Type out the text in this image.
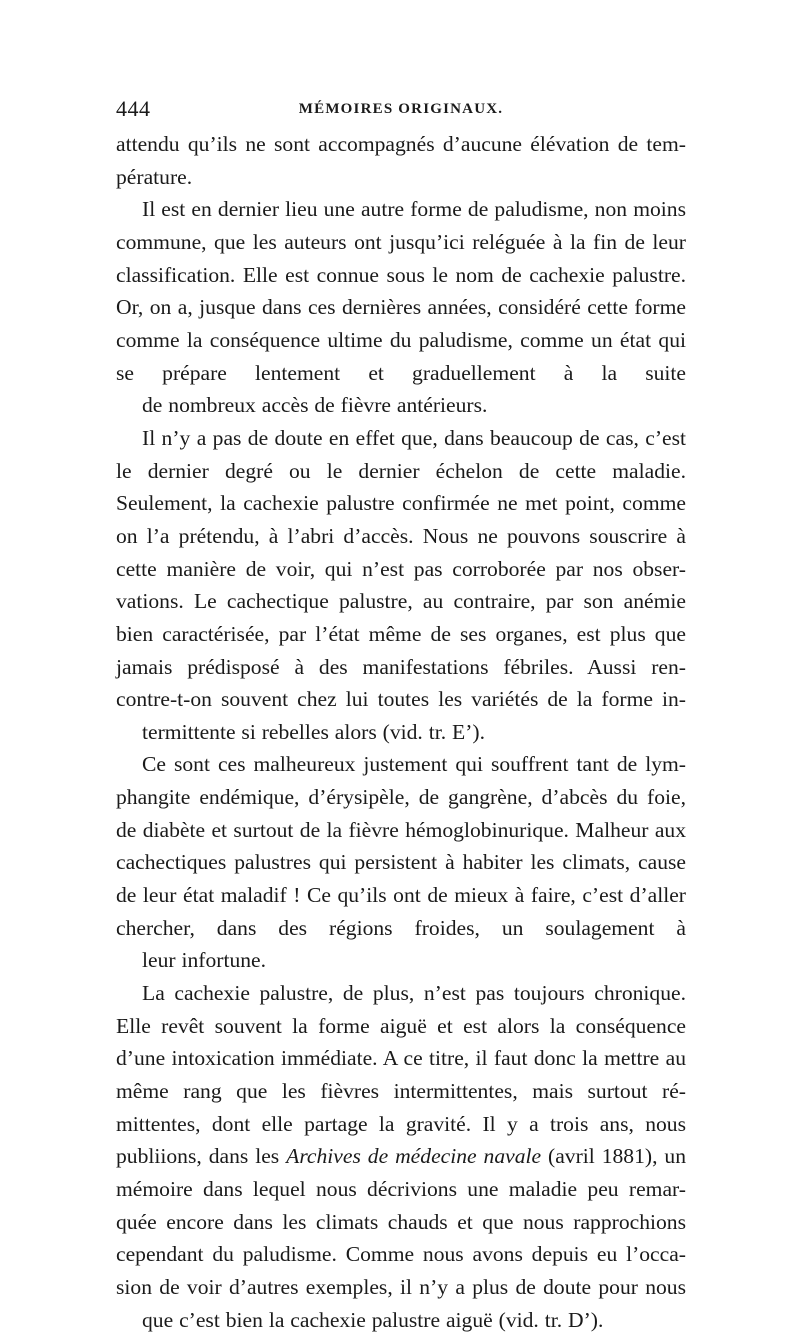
444	MÉMOIRES ORIGINAUX.

attendu qu’ils ne sont accompagnés d’aucune élévation de tem-
pérature.

Il est en dernier lieu une autre forme de paludisme, non moins commune, que les auteurs ont jusqu’ici reléguée à la fin de leur classification. Elle est connue sous le nom de cachexie palustre. Or, on a, jusque dans ces dernières années, considéré cette forme comme la conséquence ultime du paludisme, comme un état qui se prépare lentement et graduellement à la suite
de nombreux accès de fièvre antérieurs.

Il n’y a pas de doute en effet que, dans beaucoup de cas, c’est le dernier degré ou le dernier échelon de cette maladie. Seulement, la cachexie palustre confirmée ne met point, comme on l’a prétendu, à l’abri d’accès. Nous ne pouvons souscrire à cette manière de voir, qui n’est pas corroborée par nos obser- vations. Le cachectique palustre, au contraire, par son anémie bien caractérisée, par l’état même de ses organes, est plus que jamais prédisposé à des manifestations fébriles. Aussi ren- contre-t-on souvent chez lui toutes les variétés de la forme in-
termittente si rebelles alors (vid. tr. E’).

Ce sont ces malheureux justement qui souffrent tant de lym- phangite endémique, d’érysipèle, de gangrène, d’abcès du foie, de diabète et surtout de la fièvre hémoglobinurique. Malheur aux cachectiques palustres qui persistent à habiter les climats, cause de leur état maladif ! Ce qu’ils ont de mieux à faire, c’est d’aller chercher, dans des régions froides, un soulagement à
leur infortune.

La cachexie palustre, de plus, n’est pas toujours chronique. Elle revêt souvent la forme aiguë et est alors la conséquence d’une intoxication immédiate. A ce titre, il faut donc la mettre au même rang que les fièvres intermittentes, mais surtout ré- mittentes, dont elle partage la gravité. Il y a trois ans, nous publiions, dans les Archives de médecine navale (avril 1881), un mémoire dans lequel nous décrivions une maladie peu remar- quée encore dans les climats chauds et que nous rapprochions cependant du paludisme. Comme nous avons depuis eu l’occa- sion de voir d’autres exemples, il n’y a plus de doute pour nous
que c’est bien la cachexie palustre aiguë (vid. tr. D’).
